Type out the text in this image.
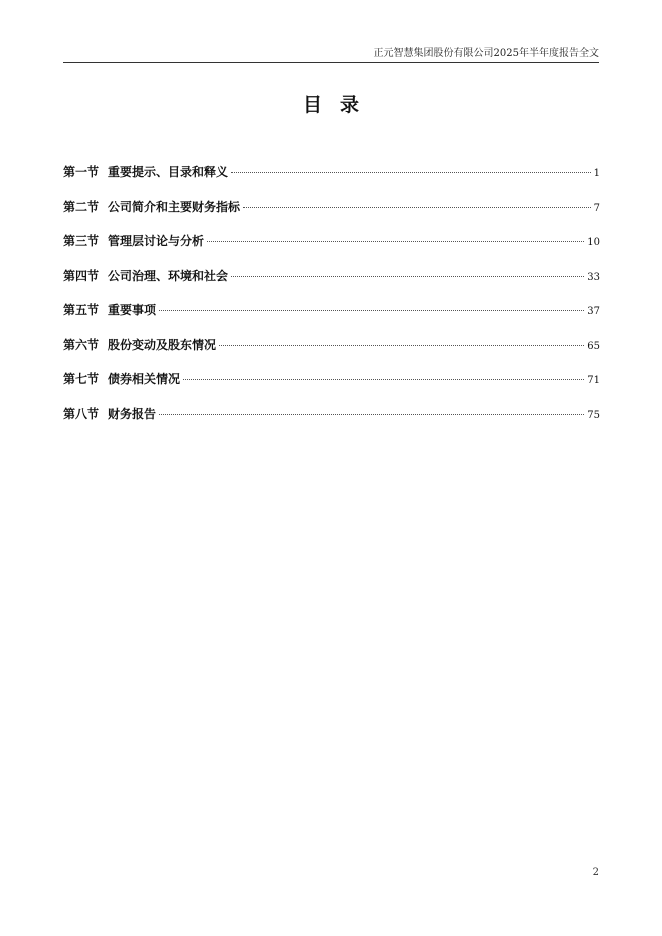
正元智慧集团股份有限公司2025年半年度报告全文
目录
第一节 重要提示、目录和释义	1
第二节 公司简介和主要财务指标	7
第三节 管理层讨论与分析	10
第四节 公司治理、环境和社会	33
第五节 重要事项	37
第六节 股份变动及股东情况	65
第七节 债券相关情况	71
第八节 财务报告	75
2
